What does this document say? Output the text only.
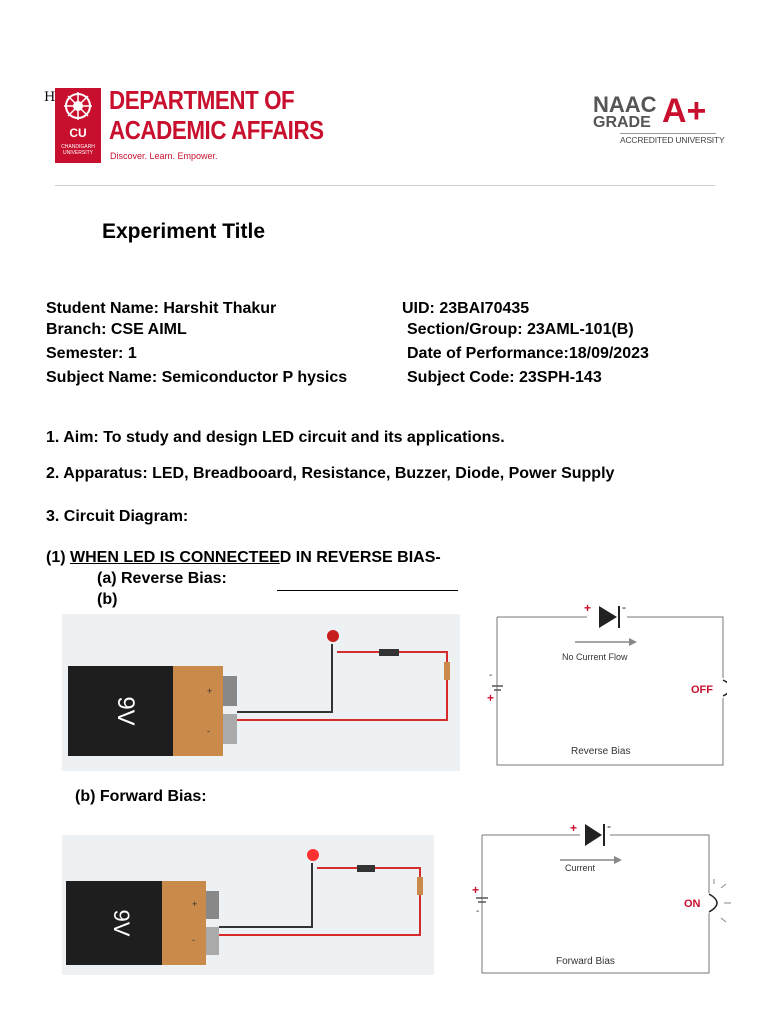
H
CU
CHANDIGARH UNIVERSITY
DEPARTMENT OF
ACADEMIC AFFAIRS
Discover. Learn. Empower.
NAAC
GRADE A+
ACCREDITED UNIVERSITY
Experiment Title
Student Name: Harshit Thakur	UID: 23BAI70435
Branch: CSE AIML	Section/Group: 23AML-101(B)
Semester: 1	Date of Performance:18/09/2023
Subject Name: Semiconductor P hysics	Subject Code: 23SPH-143
1. Aim: To study and design LED circuit and its applications.
2. Apparatus: LED, Breadbooard, Resistance, Buzzer, Diode, Power Supply
3. Circuit Diagram:
(1) WHEN LED IS CONNECTEED IN REVERSE BIAS-
(a) Reverse Bias:
(b)
+
-
9V
+	-
No Current Flow
-
+
OFF
Reverse Bias
(b) Forward Bias:
+
-
9V
+ -
Current
+
-
ON
Forward Bias
